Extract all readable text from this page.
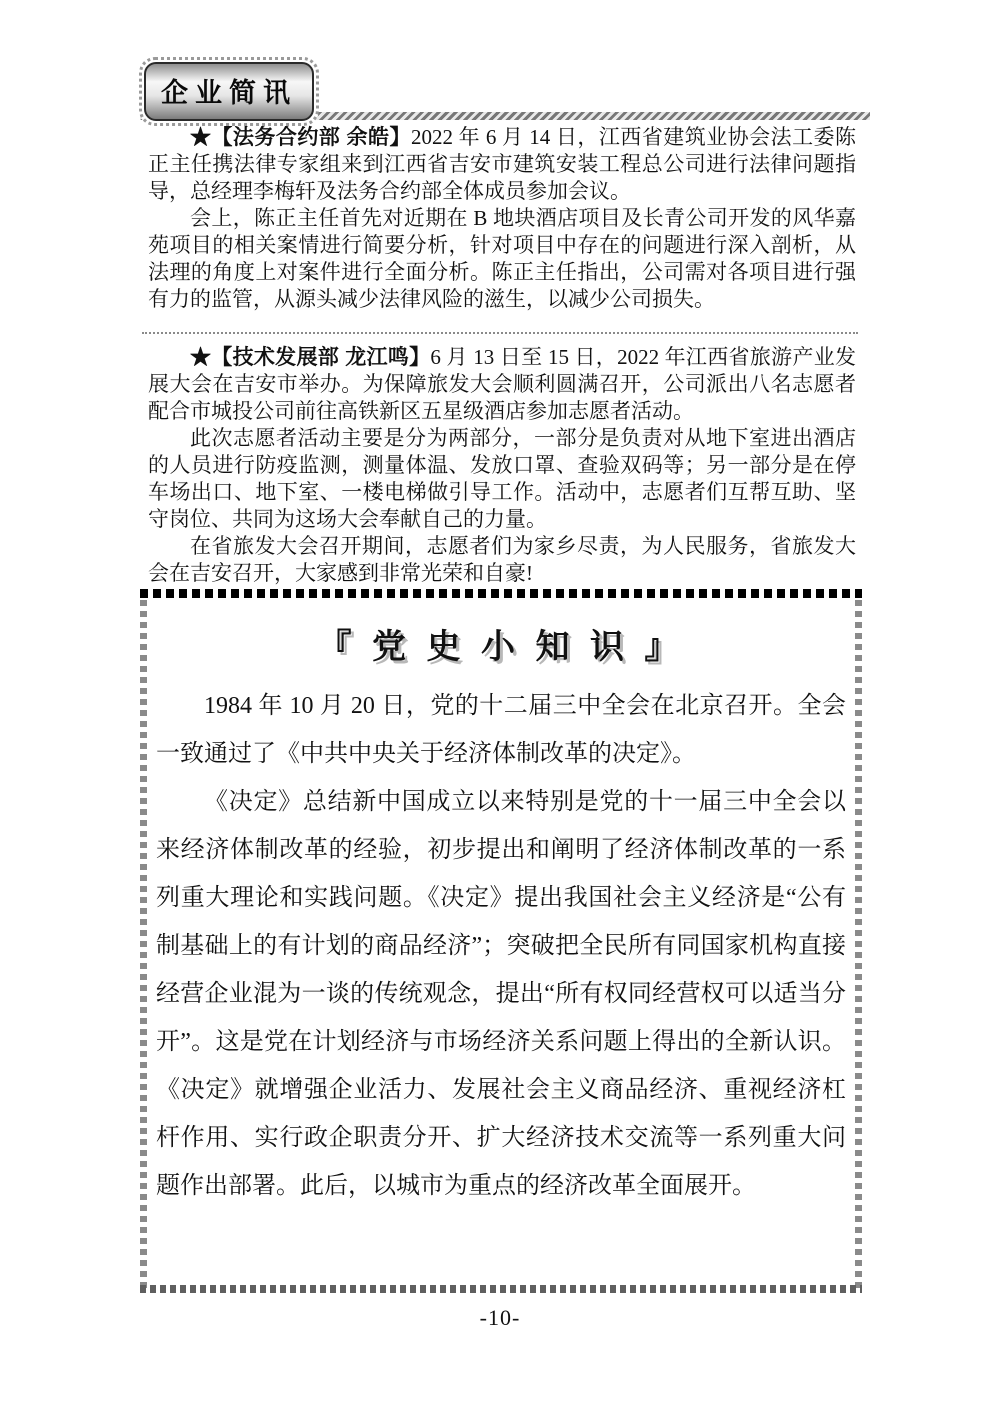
企业简讯

★【法务合约部 余皓】2022 年 6 月 14 日，江西省建筑业协会法工委陈正主任携法律专家组来到江西省吉安市建筑安装工程总公司进行法律问题指导，总经理李梅轩及法务合约部全体成员参加会议。

会上，陈正主任首先对近期在 B 地块酒店项目及长青公司开发的风华嘉苑项目的相关案情进行简要分析，针对项目中存在的问题进行深入剖析，从法理的角度上对案件进行全面分析。陈正主任指出，公司需对各项目进行强有力的监管，从源头减少法律风险的滋生，以减少公司损失。

★【技术发展部 龙江鸣】6 月 13 日至 15 日，2022 年江西省旅游产业发展大会在吉安市举办。为保障旅发大会顺利圆满召开，公司派出八名志愿者配合市城投公司前往高铁新区五星级酒店参加志愿者活动。

此次志愿者活动主要是分为两部分，一部分是负责对从地下室进出酒店的人员进行防疫监测，测量体温、发放口罩、查验双码等；另一部分是在停车场出口、地下室、一楼电梯做引导工作。活动中，志愿者们互帮互助、坚守岗位、共同为这场大会奉献自己的力量。

在省旅发大会召开期间，志愿者们为家乡尽责，为人民服务，省旅发大会在吉安召开，大家感到非常光荣和自豪!

『 党 史 小 知 识 』

1984 年 10 月 20 日，党的十二届三中全会在北京召开。全会一致通过了《中共中央关于经济体制改革的决定》。

《决定》总结新中国成立以来特别是党的十一届三中全会以来经济体制改革的经验，初步提出和阐明了经济体制改革的一系列重大理论和实践问题。《决定》提出我国社会主义经济是“公有制基础上的有计划的商品经济”；突破把全民所有同国家机构直接经营企业混为一谈的传统观念，提出“所有权同经营权可以适当分开”。这是党在计划经济与市场经济关系问题上得出的全新认识。《决定》就增强企业活力、发展社会主义商品经济、重视经济杠杆作用、实行政企职责分开、扩大经济技术交流等一系列重大问题作出部署。此后，以城市为重点的经济改革全面展开。

-10-
